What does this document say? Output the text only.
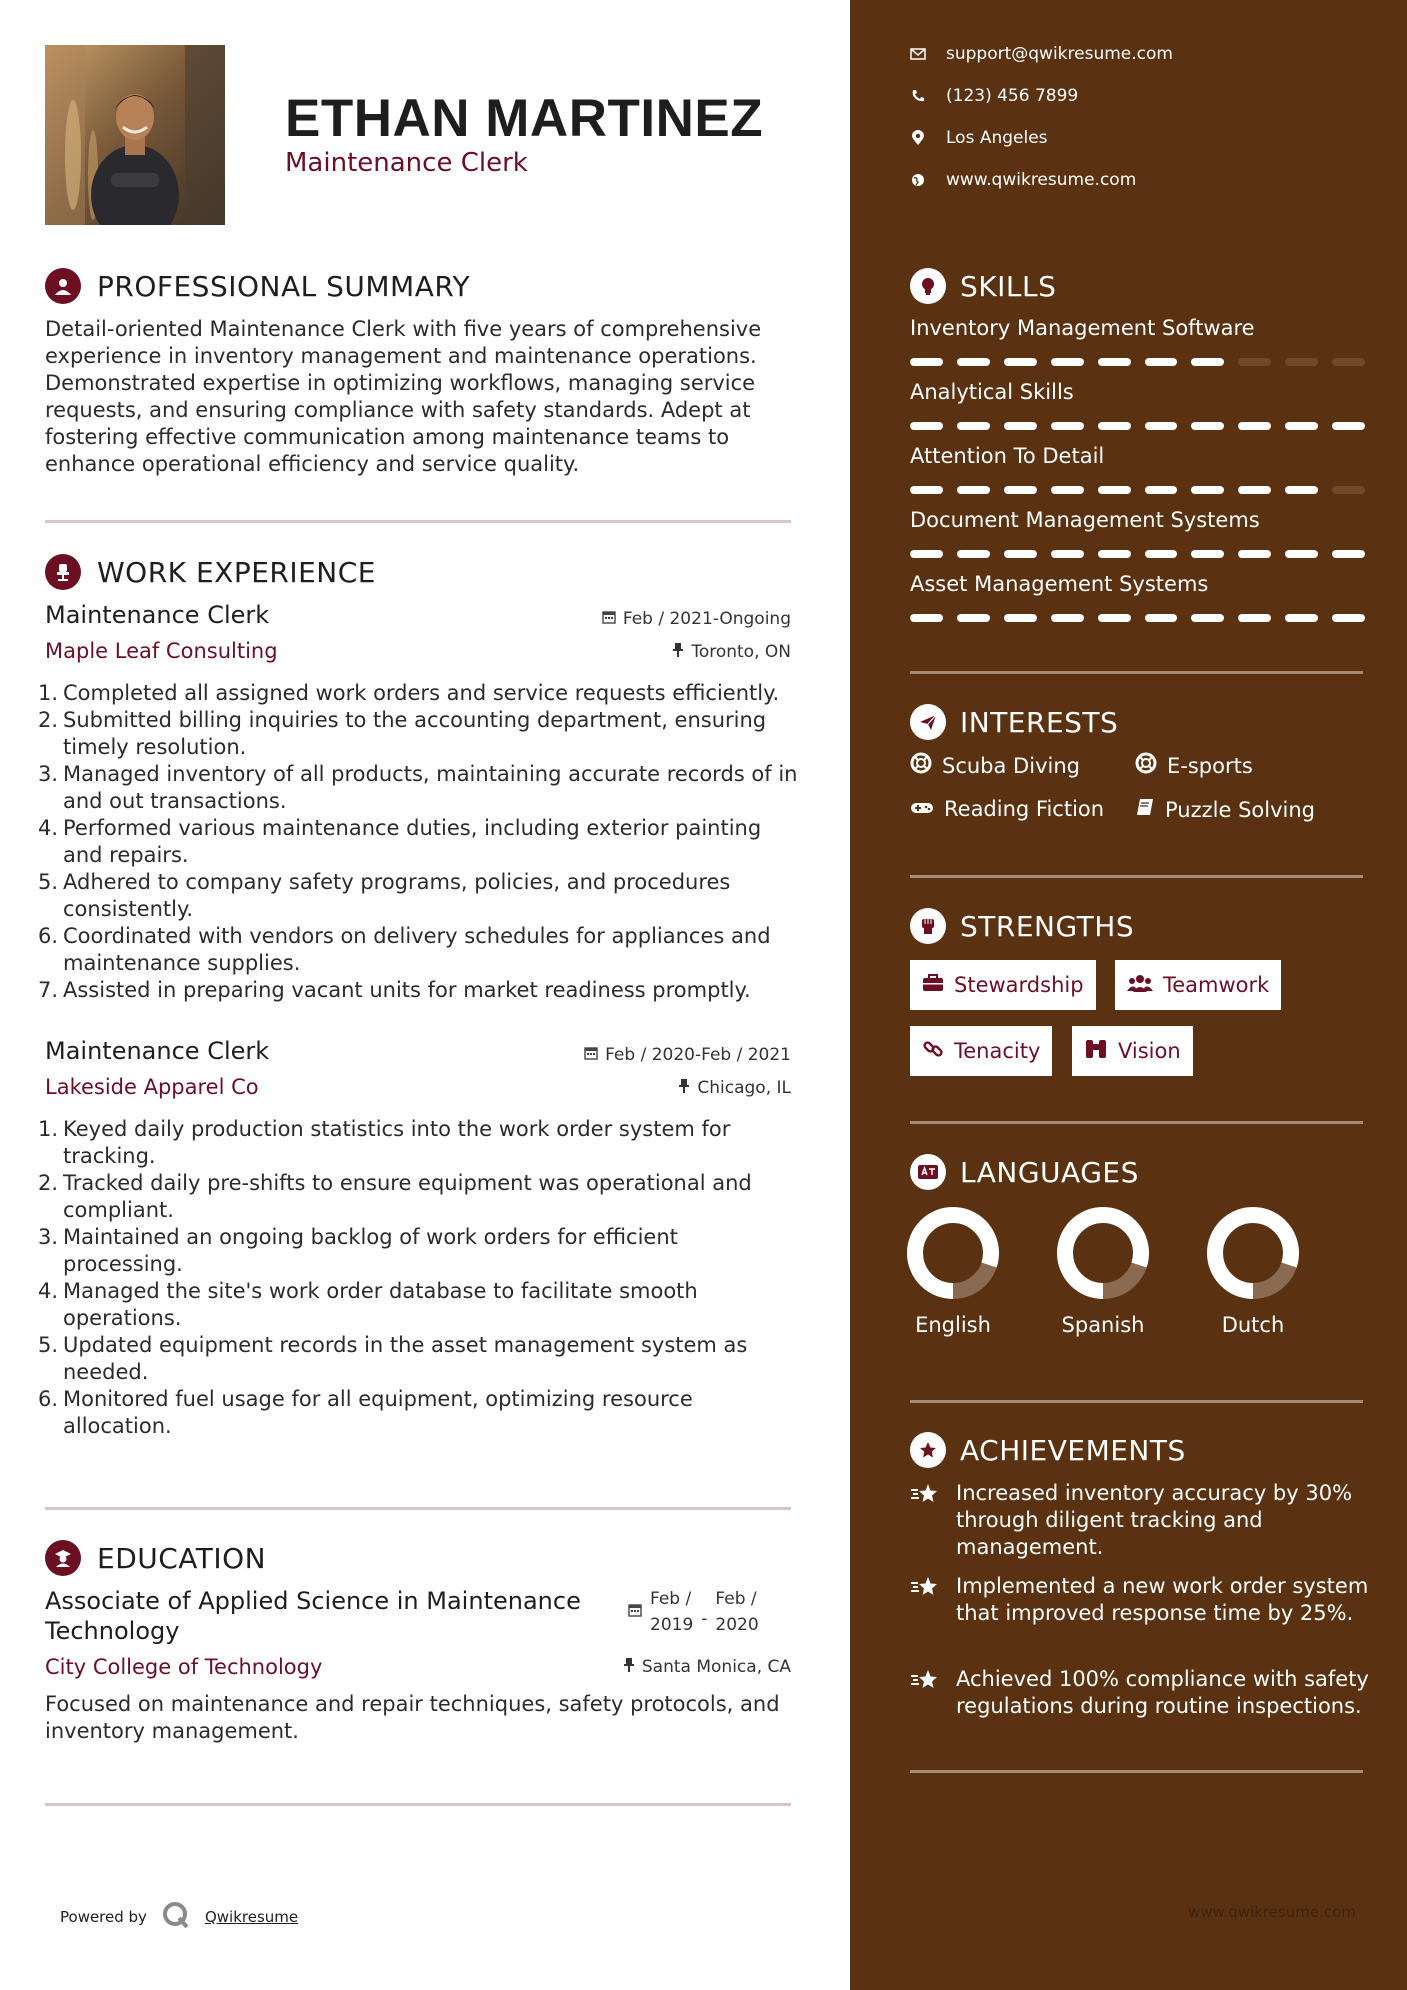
ETHAN MARTINEZ
Maintenance Clerk
PROFESSIONAL SUMMARY
Detail-oriented Maintenance Clerk with five years of comprehensive experience in inventory management and maintenance operations. Demonstrated expertise in optimizing workflows, managing service requests, and ensuring compliance with safety standards. Adept at fostering effective communication among maintenance teams to enhance operational efficiency and service quality.
WORK EXPERIENCE
Maintenance Clerk	Feb / 2021-Ongoing
Maple Leaf Consulting	Toronto, ON
Completed all assigned work orders and service requests efficiently.
Submitted billing inquiries to the accounting department, ensuring timely resolution.
Managed inventory of all products, maintaining accurate records of in and out transactions.
Performed various maintenance duties, including exterior painting and repairs.
Adhered to company safety programs, policies, and procedures consistently.
Coordinated with vendors on delivery schedules for appliances and maintenance supplies.
Assisted in preparing vacant units for market readiness promptly.
Maintenance Clerk	Feb / 2020-Feb / 2021
Lakeside Apparel Co	Chicago, IL
Keyed daily production statistics into the work order system for tracking.
Tracked daily pre-shifts to ensure equipment was operational and compliant.
Maintained an ongoing backlog of work orders for efficient processing.
Managed the site's work order database to facilitate smooth operations.
Updated equipment records in the asset management system as needed.
Monitored fuel usage for all equipment, optimizing resource allocation.
EDUCATION
Associate of Applied Science in Maintenance Technology
Feb /
2019 -
Feb /
2020
City College of Technology	Santa Monica, CA
Focused on maintenance and repair techniques, safety protocols, and inventory management.
Powered by	Qwikresume
support@qwikresume.com
(123) 456 7899
Los Angeles
www.qwikresume.com
SKILLS
Inventory Management Software
Analytical Skills
Attention To Detail
Document Management Systems
Asset Management Systems
INTERESTS
Scuba Diving	E-sports
Reading Fiction	Puzzle Solving
STRENGTHS
Stewardship	Teamwork
Tenacity	Vision
LANGUAGES
English	Spanish	Dutch
ACHIEVEMENTS
Increased inventory accuracy by 30% through diligent tracking and management.
Implemented a new work order system that improved response time by 25%.
Achieved 100% compliance with safety regulations during routine inspections.
www.qwikresume.com
